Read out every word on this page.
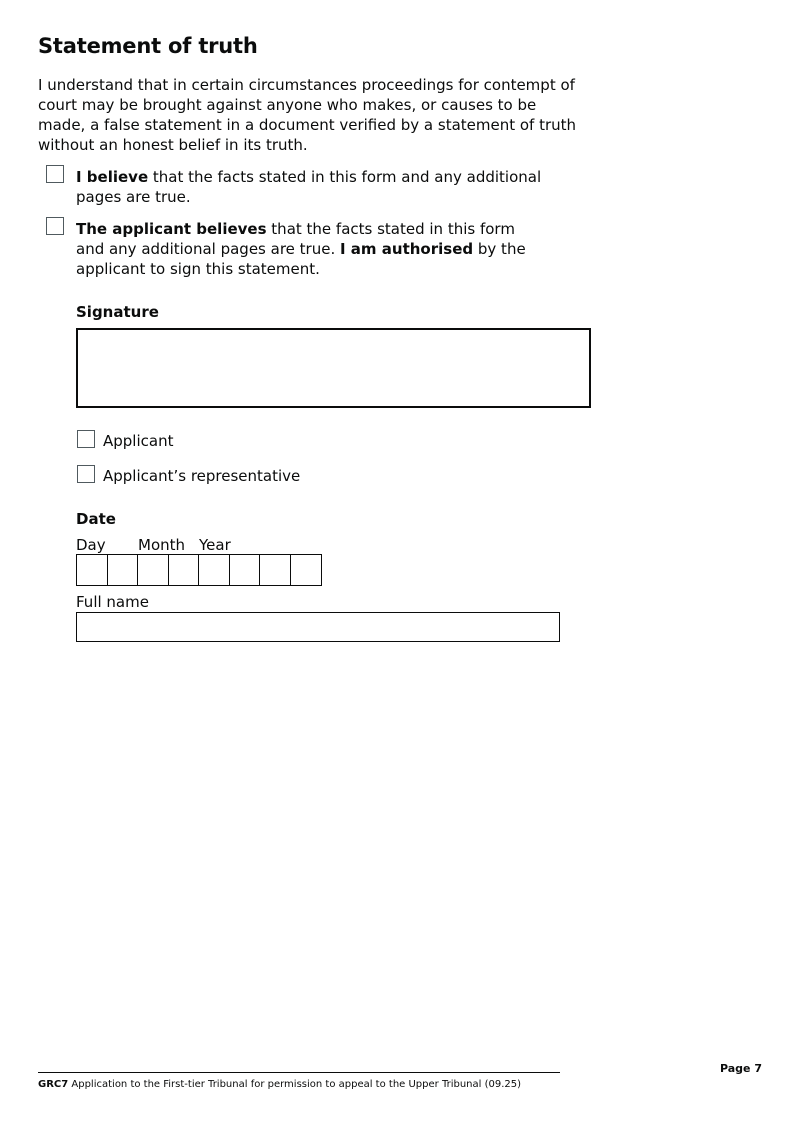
Statement of truth
I understand that in certain circumstances proceedings for contempt of court may be brought against anyone who makes, or causes to be made, a false statement in a document verified by a statement of truth without an honest belief in its truth.
I believe that the facts stated in this form and any additional pages are true.
The applicant believes that the facts stated in this form and any additional pages are true. I am authorised by the applicant to sign this statement.
Signature
Applicant
Applicant’s representative
Date
Day Month Year
Full name
Page 7
GRC7 Application to the First-tier Tribunal for permission to appeal to the Upper Tribunal (09.25)
